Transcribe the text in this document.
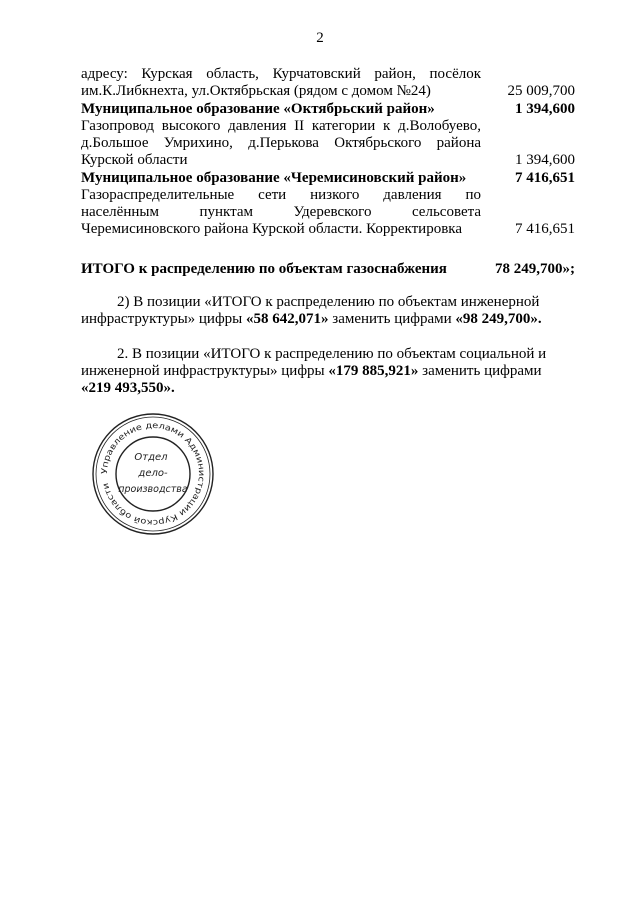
2
адресу: Курская область, Курчатовский район, посёлок
им.К.Либкнехта, ул.Октябрьская (рядом с домом №24)	25 009,700
Муниципальное образование «Октябрьский район»	1 394,600
Газопровод высокого давления II категории к д.Волобуево,
д.Большое Умрихино, д.Перькова Октябрьского района
Курской области	1 394,600
Муниципальное образование «Черемисиновский район»	7 416,651
Газораспределительные сети низкого давления по
населённым пунктам Удеревского сельсовета
Черемисиновского района Курской области. Корректировка	7 416,651
ИТОГО к распределению по объектам газоснабжения	78 249,700»;
2) В позиции «ИТОГО к распределению по объектам инженерной инфраструктуры» цифры «58 642,071» заменить цифрами «98 249,700».
2. В позиции «ИТОГО к распределению по объектам социальной и инженерной инфраструктуры» цифры «179 885,921» заменить цифрами «219 493,550».
Управление делами Администрации Курской области
Отдел
дело-
производства
